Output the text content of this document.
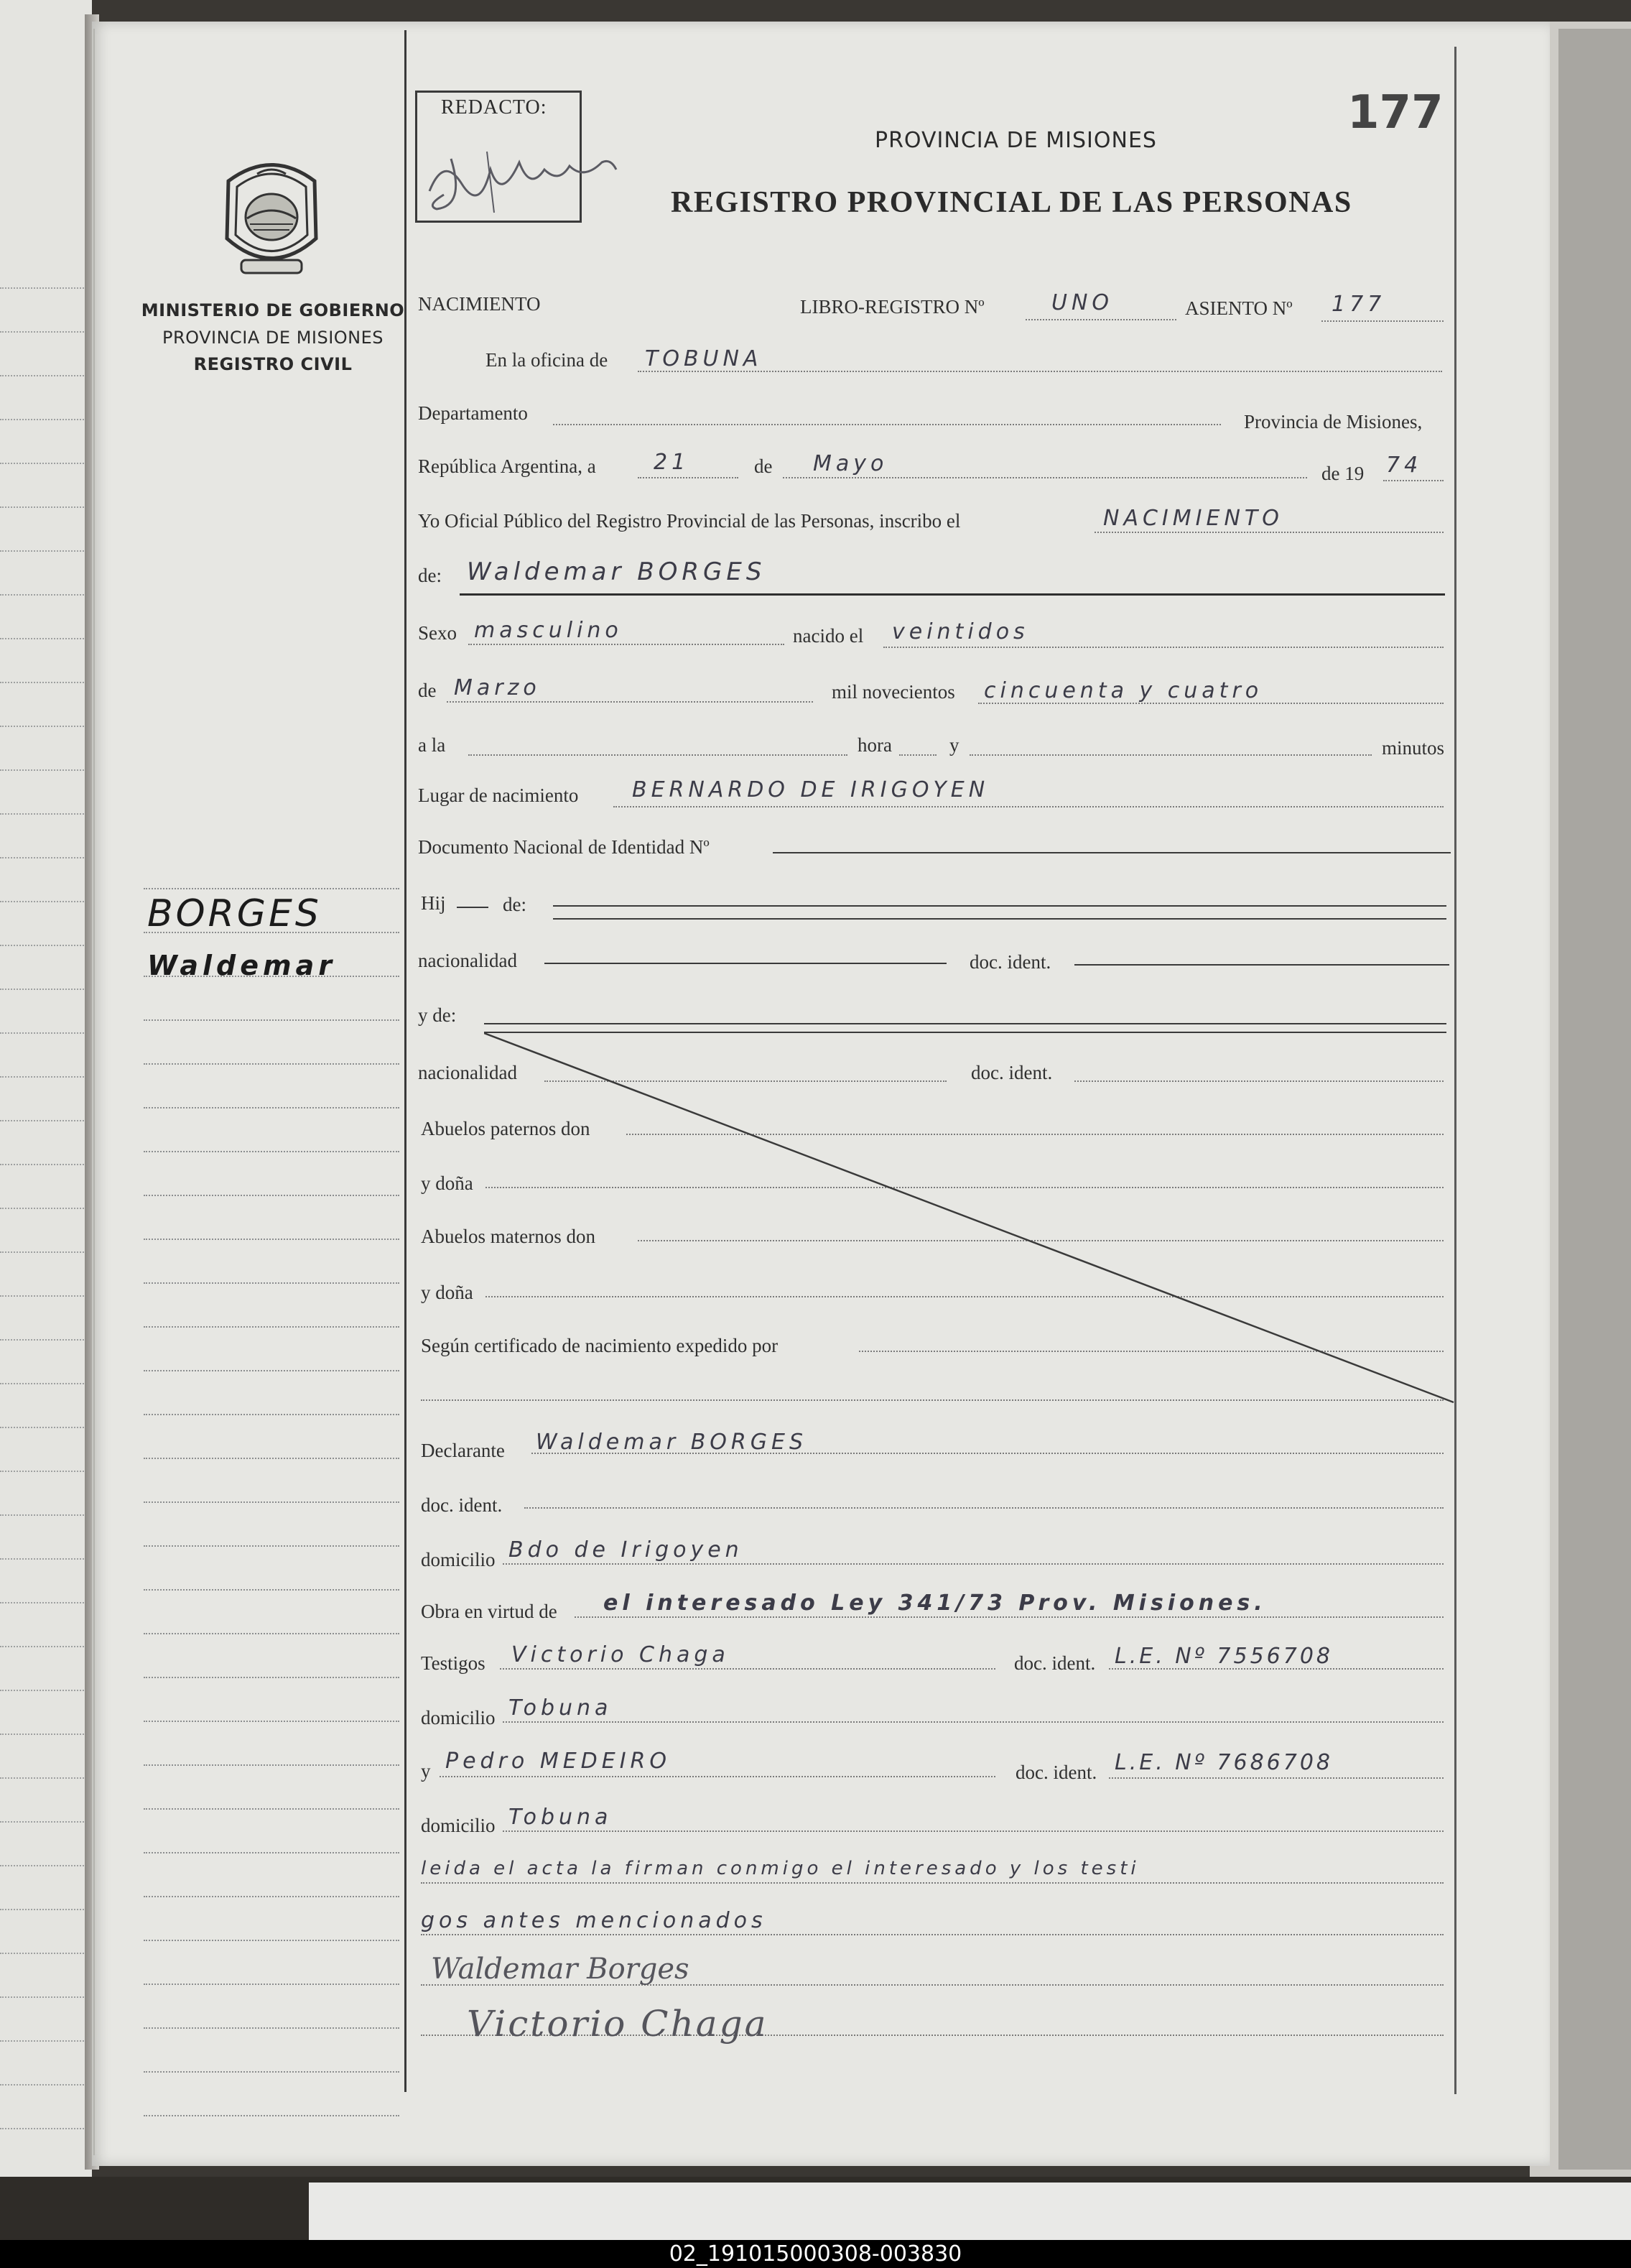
MINISTERIO DE GOBIERNO
PROVINCIA DE MISIONES
REGISTRO CIVIL
BORGES
Waldemar
REDACTO:	177
PROVINCIA DE MISIONES
REGISTRO PROVINCIAL DE LAS PERSONAS
NACIMIENTO	LIBRO-REGISTRO Nº	UNO	ASIENTO Nº 177
En la oficina de TOBUNA
Departamento	Provincia de Misiones,
República Argentina, a	21	de Mayo	de 19 74
Yo Oficial Público del Registro Provincial de las Personas, inscribo el	NACIMIENTO
de: Waldemar BORGES
Sexo masculino	nacido el veintidos
de Marzo	mil novecientos cincuenta y cuatro
a la	hora	y	minutos
Lugar de nacimiento BERNARDO DE IRIGOYEN
Documento Nacional de Identidad Nº
Hij	de:
nacionalidad	doc. ident.
y de:
nacionalidad	doc. ident.
Abuelos paternos don
y doña
Abuelos maternos don
y doña
Según certificado de nacimiento expedido por
Declarante Waldemar BORGES
doc. ident.
domicilio Bdo de Irigoyen
Obra en virtud de el interesado Ley 341/73 Prov. Misiones.
Testigos Victorio Chaga	doc. ident. L.E. Nº 7556708
domicilio Tobuna
y Pedro MEDEIRO	doc. ident. L.E. Nº 7686708
domicilio Tobuna
leida el acta la firman conmigo el interesado y los testi
gos antes mencionados
Waldemar Borges
Victorio Chaga
02_191015000308-003830
